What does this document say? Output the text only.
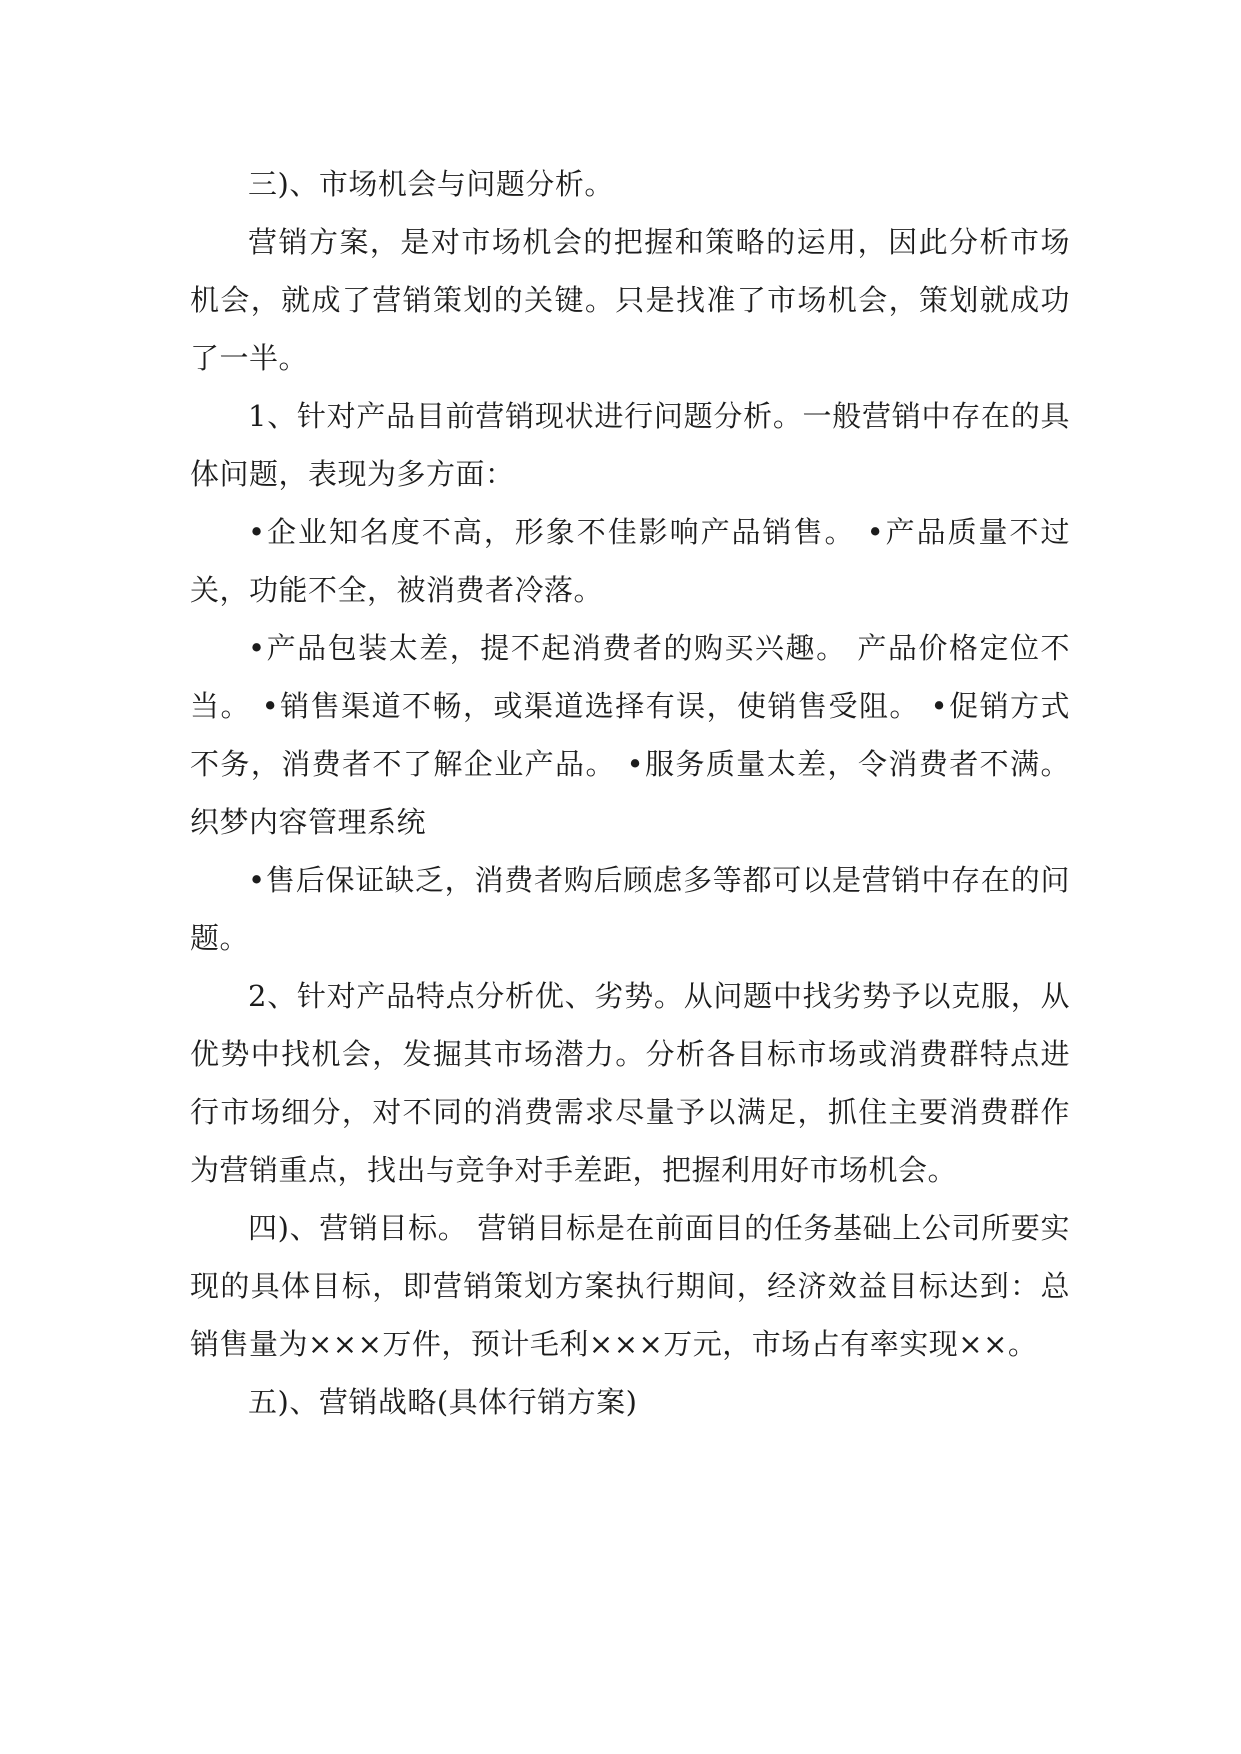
三)、市场机会与问题分析。

营销方案，是对市场机会的把握和策略的运用，因此分析市场机会，就成了营销策划的关键。只是找准了市场机会，策划就成功了一半。

1、针对产品目前营销现状进行问题分析。一般营销中存在的具体问题，表现为多方面：

•企业知名度不高，形象不佳影响产品销售。 •产品质量不过关，功能不全，被消费者冷落。

•产品包装太差，提不起消费者的购买兴趣。 产品价格定位不当。 •销售渠道不畅，或渠道选择有误，使销售受阻。 •促销方式不务，消费者不了解企业产品。 •服务质量太差，令消费者不满。 织梦内容管理系统

•售后保证缺乏，消费者购后顾虑多等都可以是营销中存在的问题。

2、针对产品特点分析优、劣势。从问题中找劣势予以克服，从优势中找机会，发掘其市场潜力。分析各目标市场或消费群特点进行市场细分，对不同的消费需求尽量予以满足，抓住主要消费群作为营销重点，找出与竞争对手差距，把握利用好市场机会。

四)、营销目标。 营销目标是在前面目的任务基础上公司所要实现的具体目标，即营销策划方案执行期间，经济效益目标达到：总销售量为×××万件，预计毛利×××万元，市场占有率实现××。

五)、营销战略(具体行销方案)
